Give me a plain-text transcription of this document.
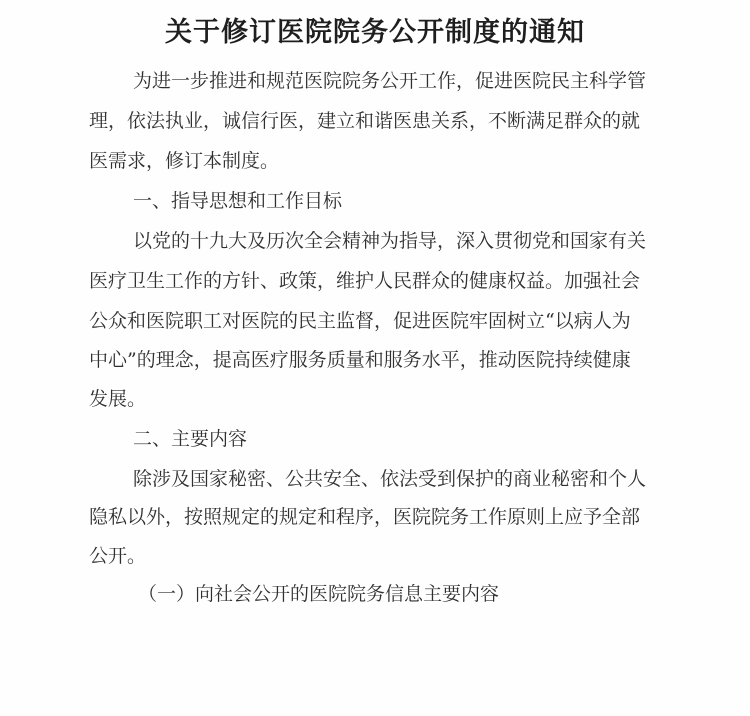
关于修订医院院务公开制度的通知

为进一步推进和规范医院院务公开工作，促进医院民主科学管

理，依法执业，诚信行医，建立和谐医患关系，不断满足群众的就

医需求，修订本制度。

一、指导思想和工作目标

以党的十九大及历次全会精神为指导，深入贯彻党和国家有关

医疗卫生工作的方针、政策，维护人民群众的健康权益。加强社会

公众和医院职工对医院的民主监督，促进医院牢固树立“以病人为

中心”的理念，提高医疗服务质量和服务水平，推动医院持续健康

发展。

二、主要内容

除涉及国家秘密、公共安全、依法受到保护的商业秘密和个人

隐私以外，按照规定的规定和程序，医院院务工作原则上应予全部

公开。

（一）向社会公开的医院院务信息主要内容
